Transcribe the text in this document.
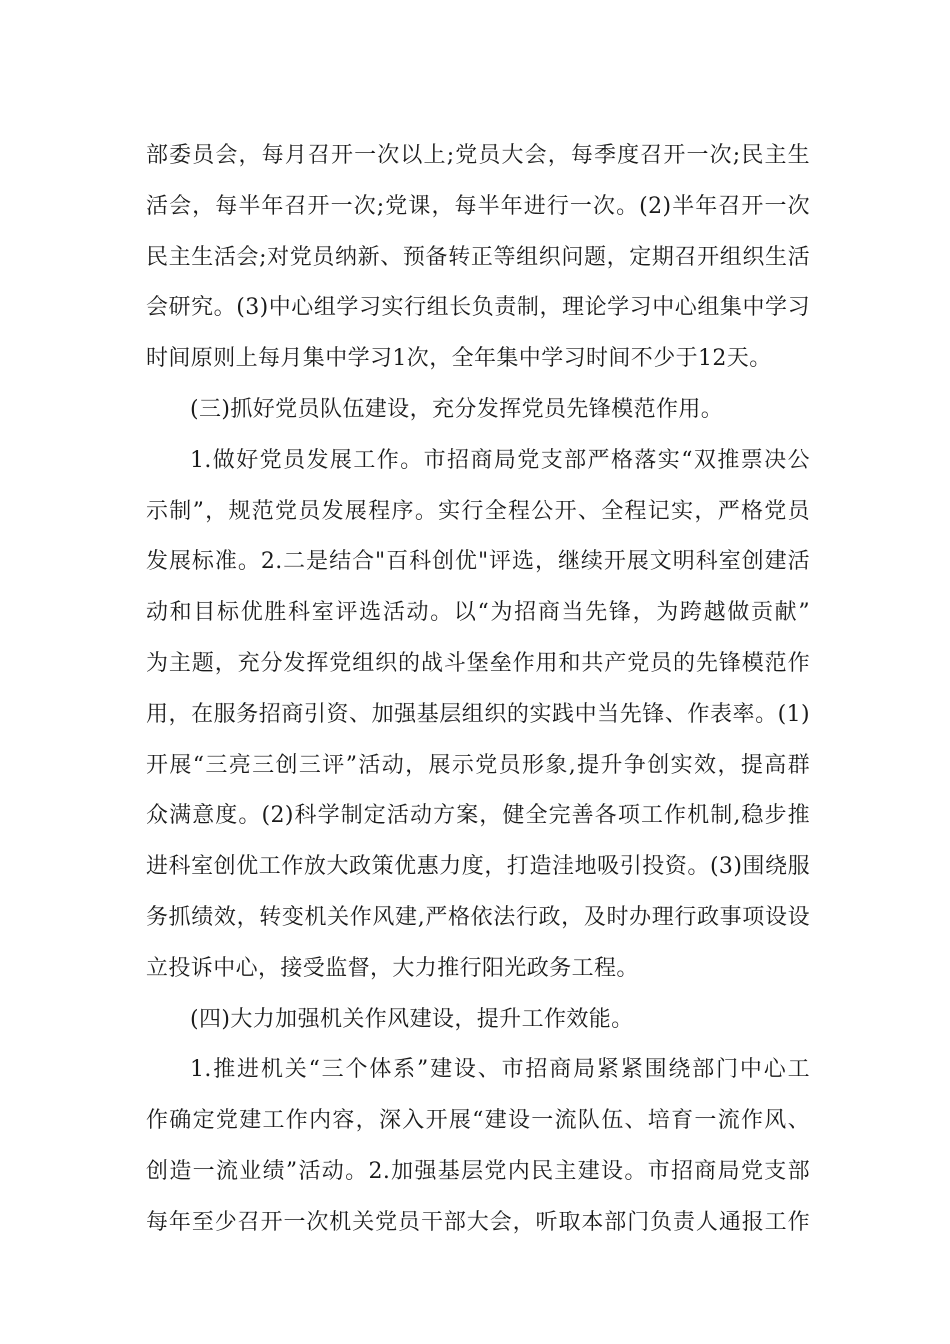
部委员会，每月召开一次以上;党员大会，每季度召开一次;民主生
活会，每半年召开一次;党课，每半年进行一次。(2)半年召开一次
民主生活会;对党员纳新、预备转正等组织问题，定期召开组织生活
会研究。(3)中心组学习实行组长负责制，理论学习中心组集中学习
时间原则上每月集中学习1次，全年集中学习时间不少于12天。
(三)抓好党员队伍建设，充分发挥党员先锋模范作用。
1.做好党员发展工作。市招商局党支部严格落实“双推票决公
示制”，规范党员发展程序。实行全程公开、全程记实，严格党员
发展标准。2.二是结合"百科创优"评选，继续开展文明科室创建活
动和目标优胜科室评选活动。以“为招商当先锋，为跨越做贡献”
为主题，充分发挥党组织的战斗堡垒作用和共产党员的先锋模范作
用，在服务招商引资、加强基层组织的实践中当先锋、作表率。(1)
开展“三亮三创三评”活动，展示党员形象,提升争创实效，提高群
众满意度。(2)科学制定活动方案，健全完善各项工作机制,稳步推
进科室创优工作放大政策优惠力度，打造洼地吸引投资。(3)围绕服
务抓绩效，转变机关作风建,严格依法行政，及时办理行政事项设设
立投诉中心，接受监督，大力推行阳光政务工程。
(四)大力加强机关作风建设，提升工作效能。
1.推进机关“三个体系”建设、市招商局紧紧围绕部门中心工
作确定党建工作内容，深入开展“建设一流队伍、培育一流作风、
创造一流业绩”活动。2.加强基层党内民主建设。市招商局党支部
每年至少召开一次机关党员干部大会，听取本部门负责人通报工作
